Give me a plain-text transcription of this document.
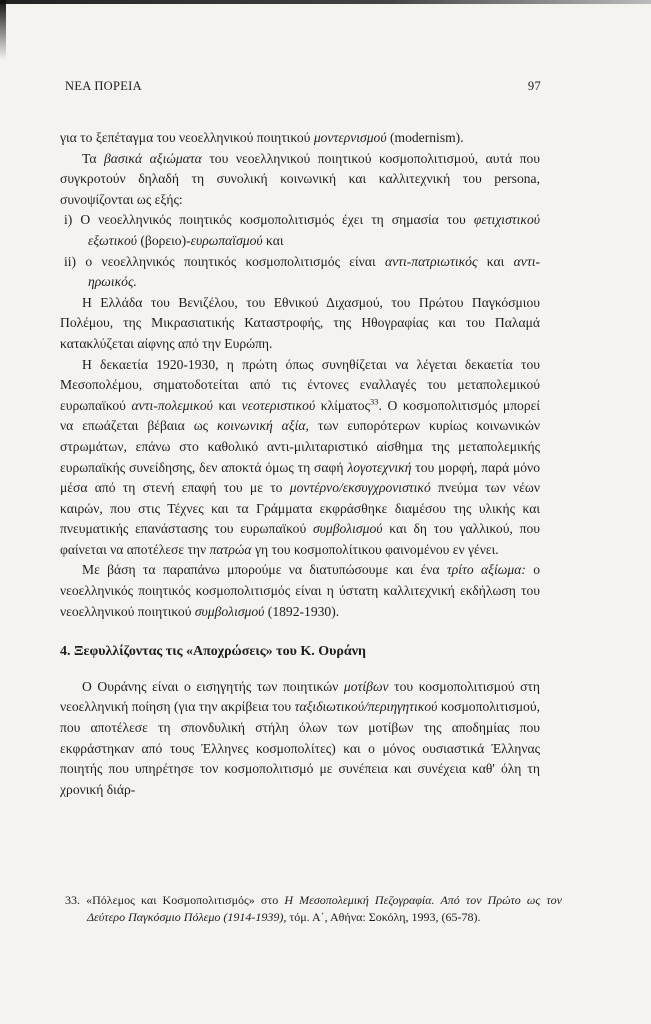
ΝΕΑ ΠΟΡΕΙΑ	97

για το ξεπέταγμα του νεοελληνικού ποιητικού μοντερνισμού (modernism).

Τα βασικά αξιώματα του νεοελληνικού ποιητικού κοσμοπολιτισμού, αυτά που συγκροτούν δηλαδή τη συνολική κοινωνική και καλλιτεχνική του persona, συνοψίζονται ως εξής:

i) Ο νεοελληνικός ποιητικός κοσμοπολιτισμός έχει τη σημασία του φετιχιστικού εξωτικού (βορειο)-ευρωπαϊσμού και

ii) ο νεοελληνικός ποιητικός κοσμοπολιτισμός είναι αντι-πατριωτικός και αντι-ηρωικός.

Η Ελλάδα του Βενιζέλου, του Εθνικού Διχασμού, του Πρώτου Παγκόσμιου Πολέμου, της Μικρασιατικής Καταστροφής, της Ηθογραφίας και του Παλαμά κατακλύζεται αίφνης από την Ευρώπη.

Η δεκαετία 1920-1930, η πρώτη όπως συνηθίζεται να λέγεται δεκαετία του Μεσοπολέμου, σηματοδοτείται από τις έντονες εναλλαγές του μεταπολεμικού ευρωπαϊκού αντι-πολεμικού και νεοτεριστικού κλίματος$^{33}$. Ο κοσμοπολιτισμός μπορεί να επωάζεται βέβαια ως κοινωνική αξία, των ευπορότερων κυρίως κοινωνικών στρωμάτων, επάνω στο καθολικό αντι-μιλιταριστικό αίσθημα της μεταπολεμικής ευρωπαϊκής συνείδησης, δεν αποκτά όμως τη σαφή λογοτεχνική του μορφή, παρά μόνο μέσα από τη στενή επαφή του με το μοντέρνο/εκσυγχρονιστικό πνεύμα των νέων καιρών, που στις Τέχνες και τα Γράμματα εκφράσθηκε διαμέσου της υλικής και πνευματικής επανάστασης του ευρωπαϊκού συμβολισμού και δη του γαλλικού, που φαίνεται να αποτέλεσε την πατρώα γη του κοσμοπολίτικου φαινομένου εν γένει.

Με βάση τα παραπάνω μπορούμε να διατυπώσουμε και ένα τρίτο αξίωμα: ο νεοελληνικός ποιητικός κοσμοπολιτισμός είναι η ύστατη καλλιτεχνική εκδήλωση του νεοελληνικού ποιητικού συμβολισμού (1892-1930).

4. Ξεφυλλίζοντας τις «Αποχρώσεις» του Κ. Ουράνη

Ο Ουράνης είναι ο εισηγητής των ποιητικών μοτίβων του κοσμοπολιτισμού στη νεοελληνική ποίηση (για την ακρίβεια του ταξιδιωτικού/περιηγητικού κοσμοπολιτισμού, που αποτέλεσε τη σπονδυλική στήλη όλων των μοτίβων της αποδημίας που εκφράστηκαν από τους Έλληνες κοσμοπολίτες) και ο μόνος ουσιαστικά Έλληνας ποιητής που υπηρέτησε τον κοσμοπολιτισμό με συνέπεια και συνέχεια καθ' όλη τη χρονική διάρ-

33. «Πόλεμος και Κοσμοπολιτισμός» στο Η Μεσοπολεμική Πεζογραφία. Από τον Πρώτο ως τον Δεύτερο Παγκόσμιο Πόλεμο (1914-1939), τόμ. Α΄, Αθήνα: Σοκόλη, 1993, (65-78).
